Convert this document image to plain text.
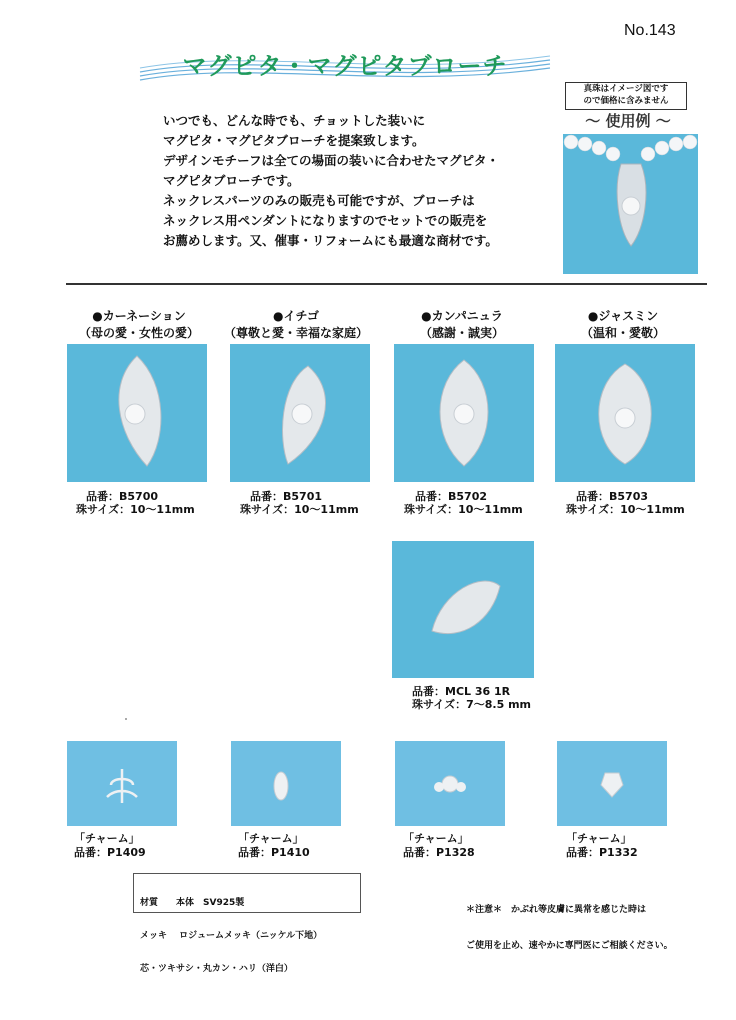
No.143
マグピタ・マグピタブローチ
いつでも、どんな時でも、チョットした装いに
マグピタ・マグピタブローチを提案致します。
デザインモチーフは全ての場面の装いに合わせたマグピタ・
マグピタブローチです。
ネックレスパーツのみの販売も可能ですが、ブローチは
ネックレス用ペンダントになりますのでセットでの販売を
お薦めします。又、催事・リフォームにも最適な商材です。
真珠はイメージ図です
ので価格に含みません
〜 使用例 〜
●カーネーション
（母の愛・女性の愛）
●イチゴ
（尊敬と愛・幸福な家庭）
●カンパニュラ
（感謝・誠実）
●ジャスミン
（温和・愛敬）
品番：B5700
珠サイズ：10〜11mm
品番：B5701
珠サイズ：10〜11mm
品番：B5702
珠サイズ：10〜11mm
品番：B5703
珠サイズ：10〜11mm
品番：MCL 36 1R
珠サイズ：7〜8.5 mm
「チャーム」
品番：P1409
「チャーム」
品番：P1410
「チャーム」
品番：P1328
「チャーム」
品番：P1332

材質　　本体　SV925製

メッキ　 ロジュームメッキ（ニッケル下地）

芯・ツキサシ・丸カン・ハリ（洋白）

＊注意＊　かぶれ等皮膚に異常を感じた時は

ご使用を止め、速やかに専門医にご相談ください。
